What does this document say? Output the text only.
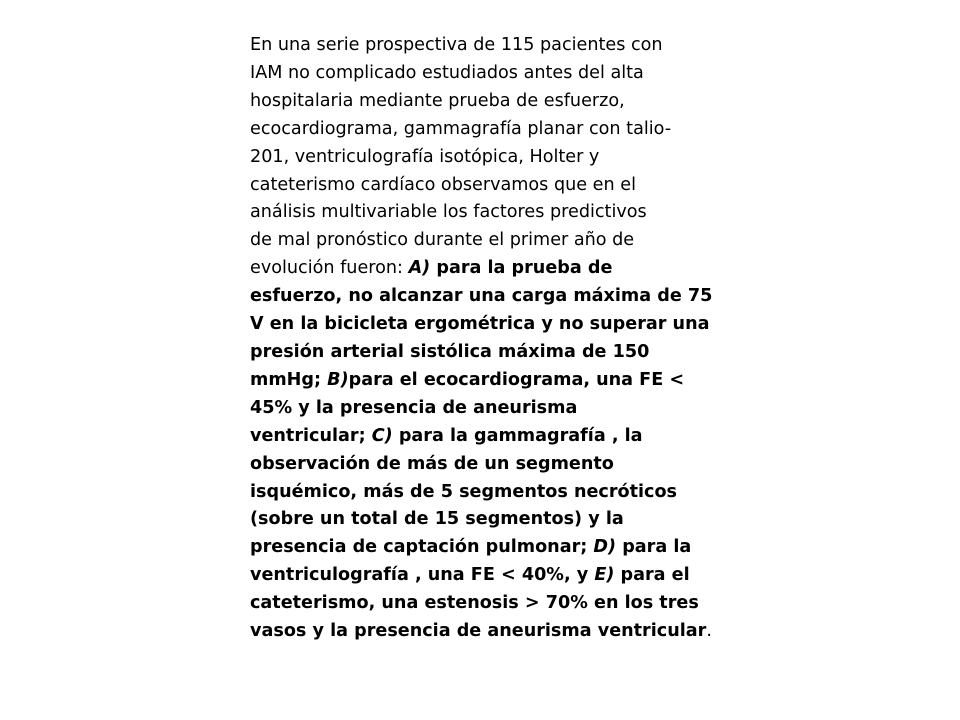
En una serie prospectiva de 115 pacientes con
IAM no complicado estudiados antes del alta
hospitalaria mediante prueba de esfuerzo,
ecocardiograma, gammagrafía planar con talio-
201, ventriculografía isotópica, Holter y
cateterismo cardíaco observamos que en el
análisis multivariable los factores predictivos
de mal pronóstico durante el primer año de
evolución fueron: A) para la prueba de
esfuerzo, no alcanzar una carga máxima de 75
V en la bicicleta ergométrica y no superar una
presión arterial sistólica máxima de 150
mmHg; B)para el ecocardiograma, una FE <
45% y la presencia de aneurisma
ventricular; C) para la gammagrafía , la
observación de más de un segmento
isquémico, más de 5 segmentos necróticos
(sobre un total de 15 segmentos) y la
presencia de captación pulmonar; D) para la
ventriculografía , una FE < 40%, y E) para el
cateterismo, una estenosis > 70% en los tres
vasos y la presencia de aneurisma ventricular.
